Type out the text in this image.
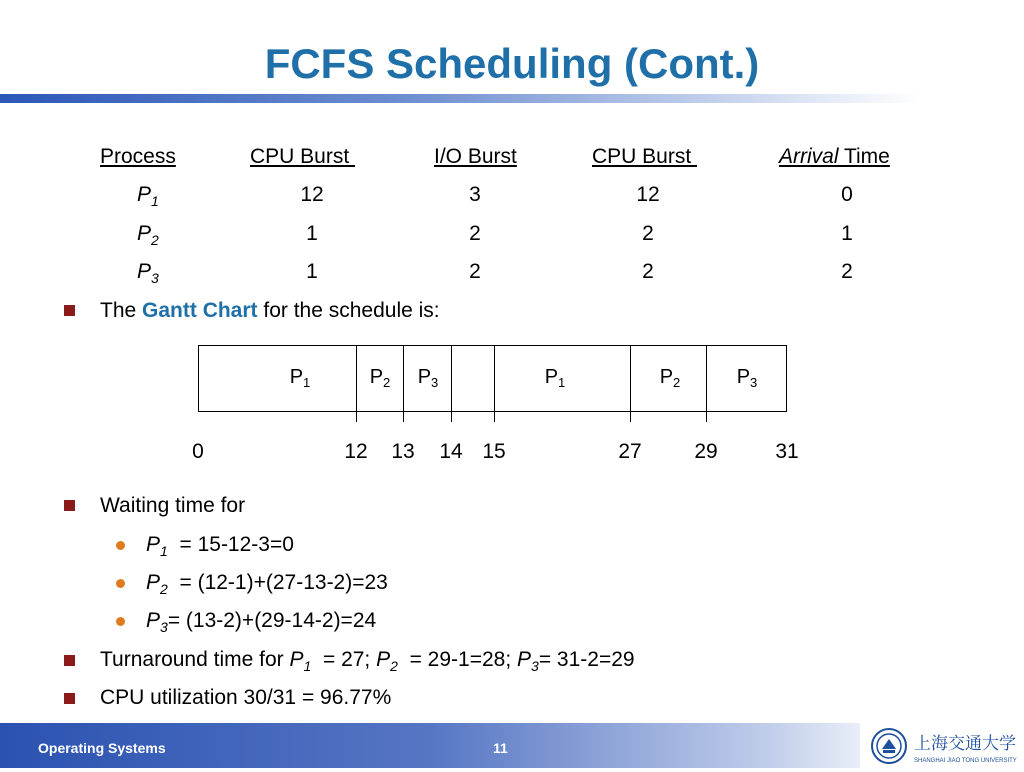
FCFS Scheduling (Cont.)
Process	CPU Burst	I/O Burst	CPU Burst	Arrival Time
$P_1$	12	3	12	0
$P_2$	1	2	2	1
$P_3$	1	2	2	2
The Gantt Chart for the schedule is:
$P_1$	$P_2$ $P_3$	$P_1$	$P_2$	$P_3$
0	12 13 14 15	27	29	31
Waiting time for
$P_1 = 15-12-3=0$
$P_2 = (12-1)+(27-13-2)=23$
$P_3= (13-2)+(29-14-2)=24$
Turnaround time for $P_1 = 27$; $P_2 = 29-1=28$; $P_3= 31-2=29$
CPU utilization 30/31 = 96.77%
Operating Systems	11	上海交通大学
SHANGHAI JIAO TONG UNIVERSITY
